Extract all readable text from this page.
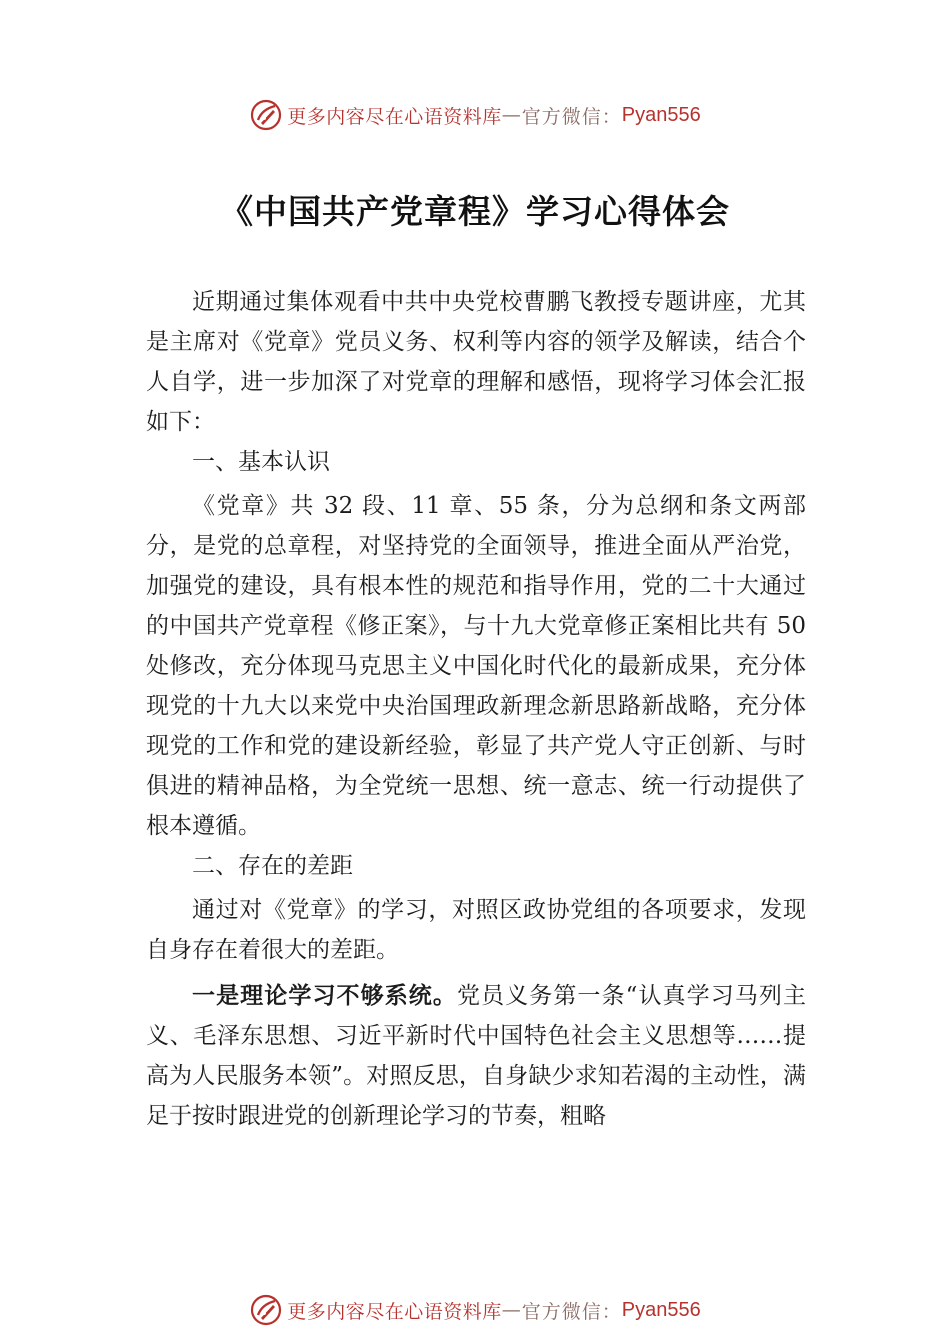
更多内容尽在心语资料库 — 官方微信： Pyan556
《中国共产党章程》学习心得体会

近期通过集体观看中共中央党校曹鹏飞教授专题讲座，尤其是主席对《党章》党员义务、权利等内容的领学及解读，结合个人自学，进一步加深了对党章的理解和感悟，现将学习体会汇报如下：

一、基本认识

《党章》共 32 段、11 章、55 条，分为总纲和条文两部分，是党的总章程，对坚持党的全面领导，推进全面从严治党，加强党的建设，具有根本性的规范和指导作用，党的二十大通过的中国共产党章程《修正案》，与十九大党章修正案相比共有 50 处修改，充分体现马克思主义中国化时代化的最新成果，充分体现党的十九大以来党中央治国理政新理念新思路新战略，充分体现党的工作和党的建设新经验，彰显了共产党人守正创新、与时俱进的精神品格，为全党统一思想、统一意志、统一行动提供了根本遵循。

二、存在的差距

通过对《党章》的学习，对照区政协党组的各项要求，发现自身存在着很大的差距。

一是理论学习不够系统。党员义务第一条“认真学习马列主义、毛泽东思想、习近平新时代中国特色社会主义思想等……提高为人民服务本领”。对照反思，自身缺少求知若渴的主动性，满足于按时跟进党的创新理论学习的节奏，粗略

更多内容尽在心语资料库 — 官方微信： Pyan556
